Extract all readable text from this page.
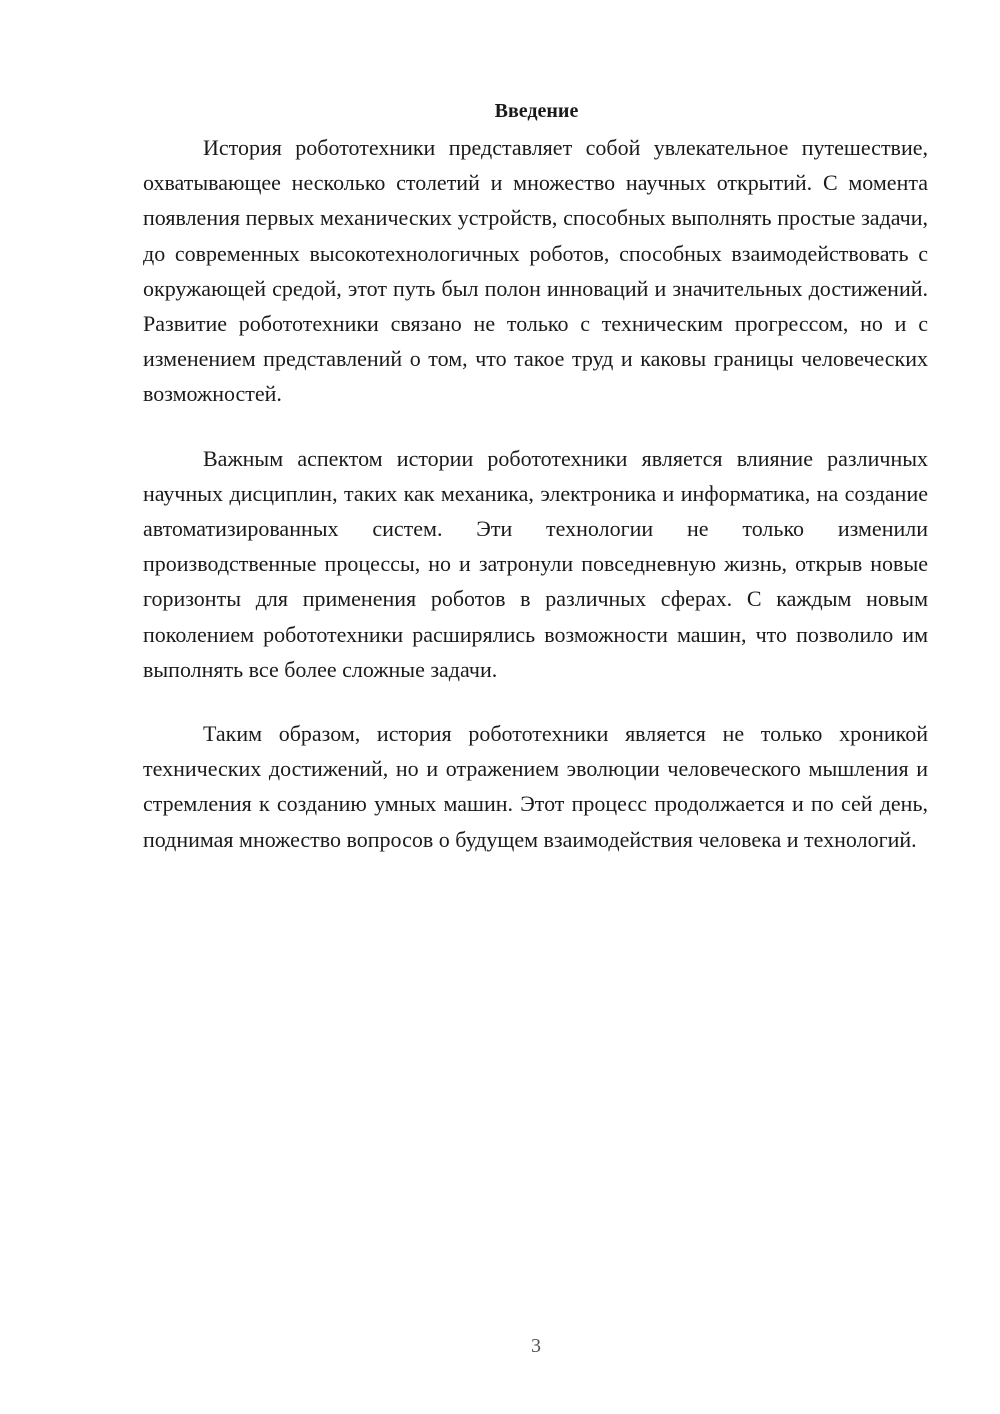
Введение

История робототехники представляет собой увлекательное путешествие, охватывающее несколько столетий и множество научных открытий. С момента появления первых механических устройств, способных выполнять простые задачи, до современных высокотехнологичных роботов, способных взаимодействовать с окружающей средой, этот путь был полон инноваций и значительных достижений. Развитие робототехники связано не только с техническим прогрессом, но и с изменением представлений о том, что такое труд и каковы границы человеческих возможностей.

Важным аспектом истории робототехники является влияние различных научных дисциплин, таких как механика, электроника и информатика, на создание автоматизированных систем. Эти технологии не только изменили производственные процессы, но и затронули повседневную жизнь, открыв новые горизонты для применения роботов в различных сферах. С каждым новым поколением робототехники расширялись возможности машин, что позволило им выполнять все более сложные задачи.

Таким образом, история робототехники является не только хроникой технических достижений, но и отражением эволюции человеческого мышления и стремления к созданию умных машин. Этот процесс продолжается и по сей день, поднимая множество вопросов о будущем взаимодействия человека и технологий.

3
